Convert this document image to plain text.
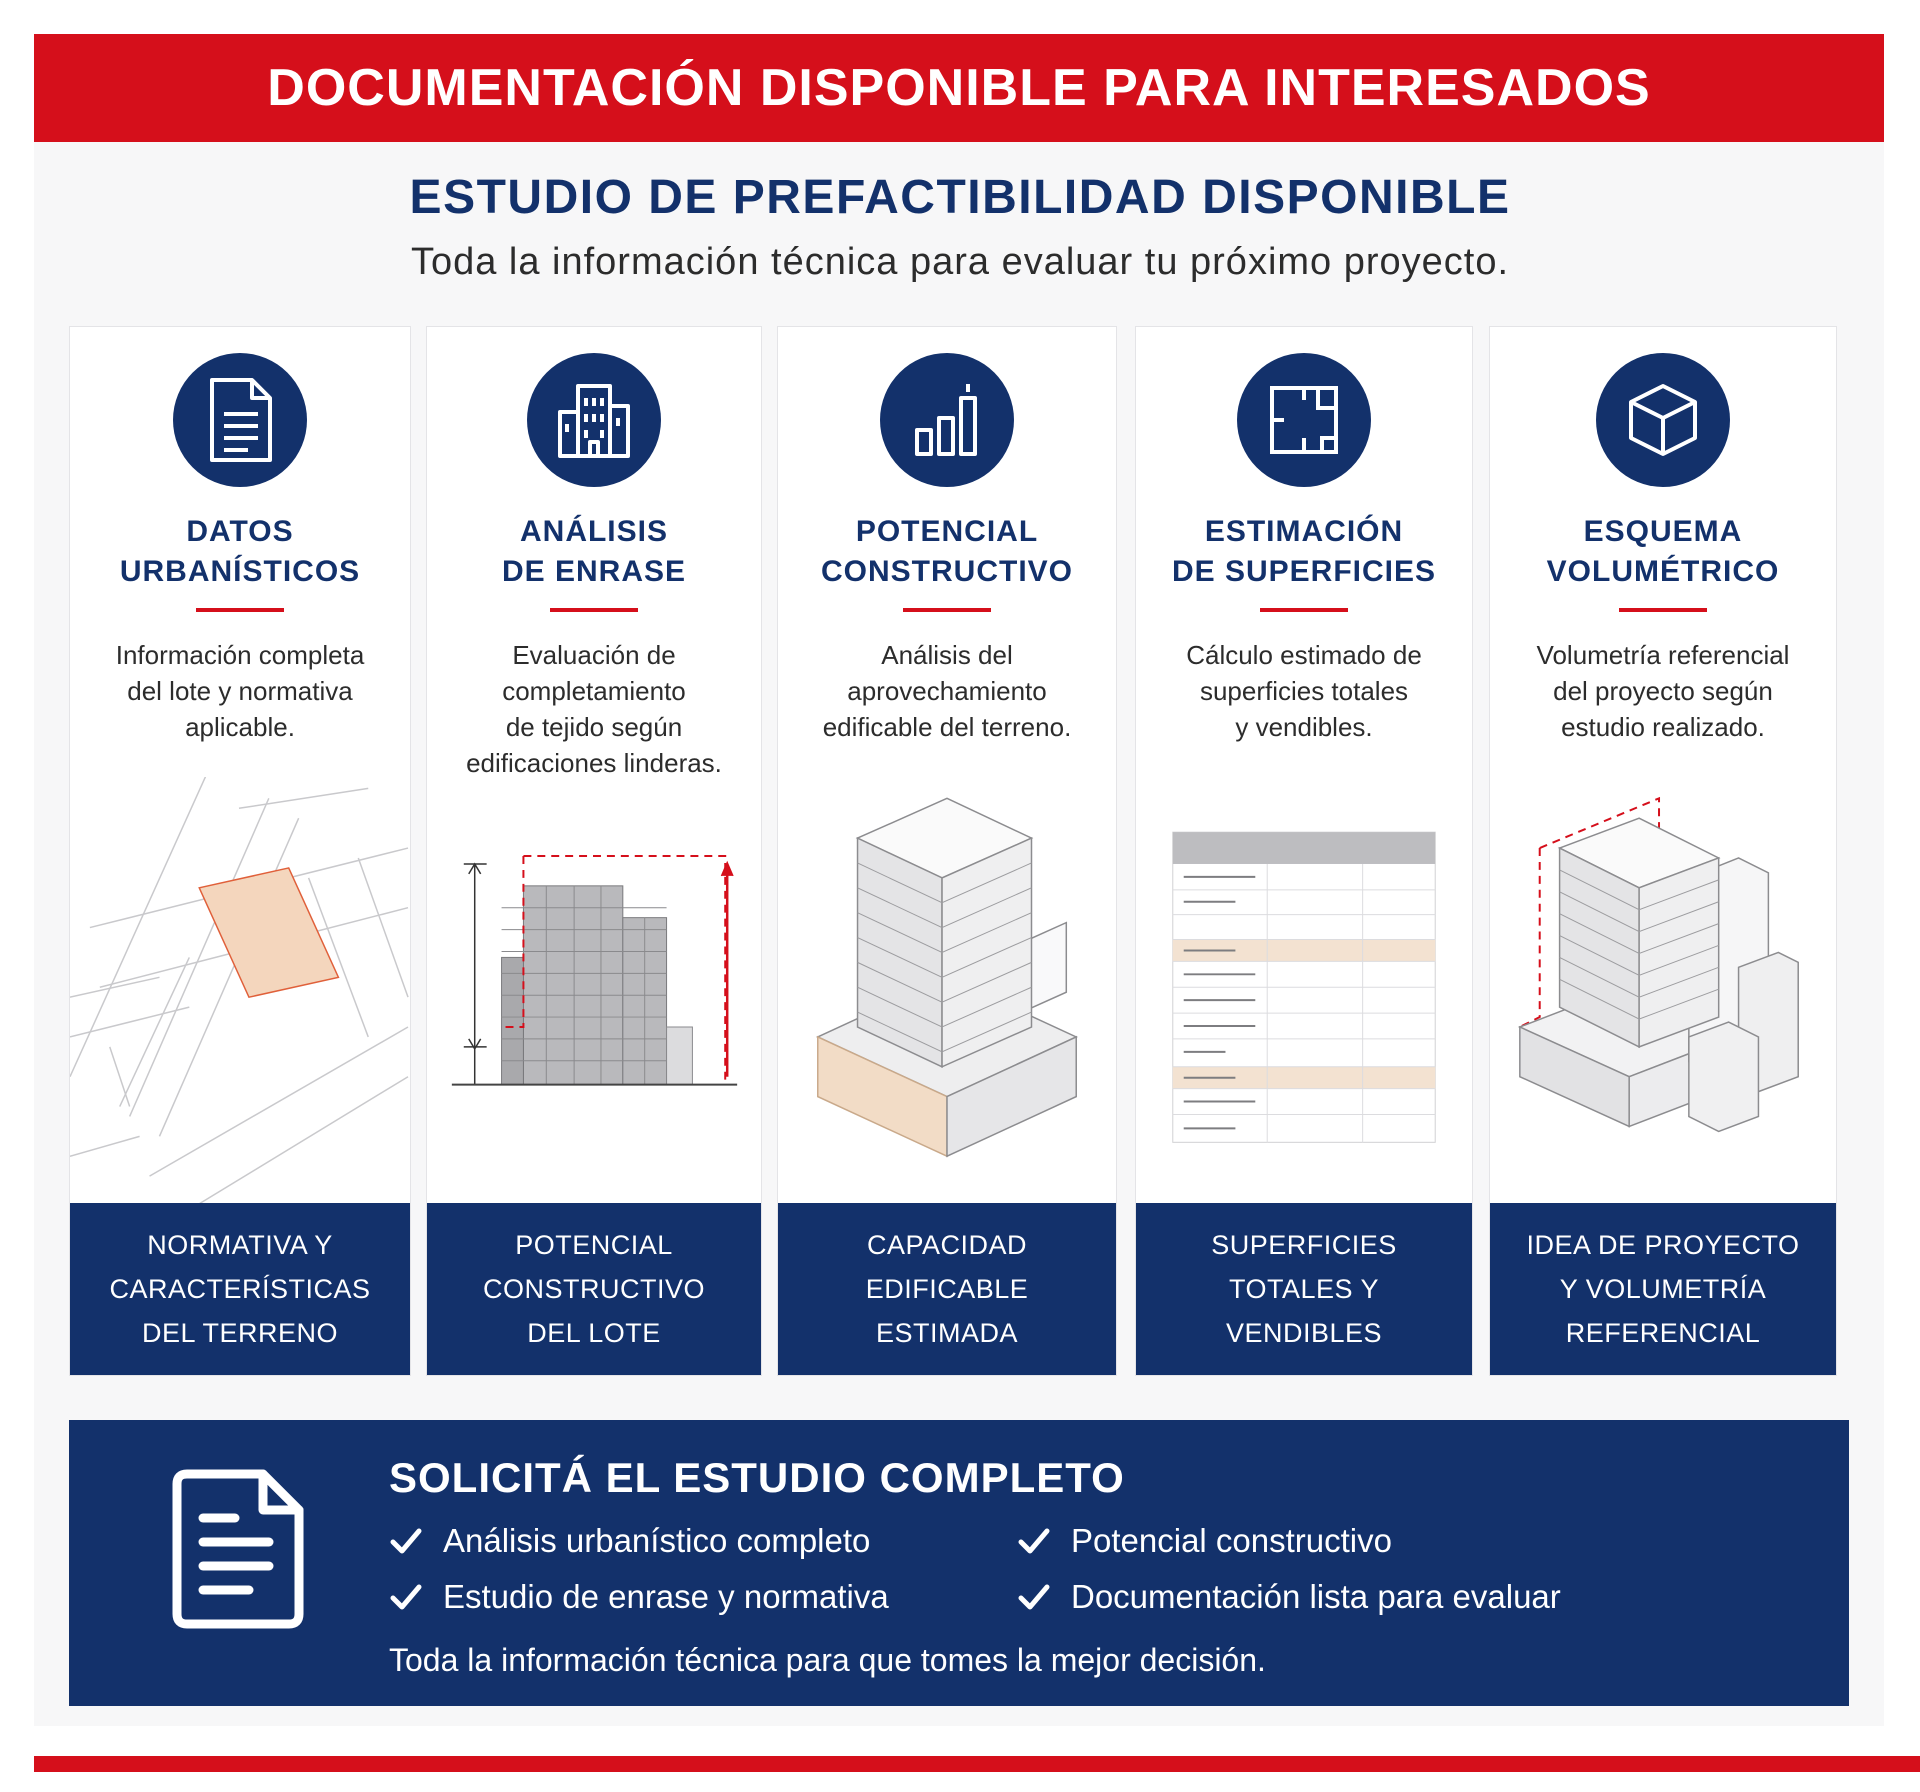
DOCUMENTACIÓN DISPONIBLE PARA INTERESADOS
ESTUDIO DE PREFACTIBILIDAD DISPONIBLE

Toda la información técnica para evaluar tu próximo proyecto.

DATOS
URBANÍSTICOS
Información completa
del lote y normativa
aplicable.
NORMATIVA Y
CARACTERÍSTICAS
DEL TERRENO
ANÁLISIS
DE ENRASE
Evaluación de
completamiento
de tejido según
edificaciones linderas.
POTENCIAL
CONSTRUCTIVO
DEL LOTE
POTENCIAL
CONSTRUCTIVO
Análisis del
aprovechamiento
edificable del terreno.
CAPACIDAD
EDIFICABLE
ESTIMADA
ESTIMACIÓN
DE SUPERFICIES
Cálculo estimado de
superficies totales
y vendibles.
SUPERFICIES
TOTALES Y
VENDIBLES
ESQUEMA
VOLUMÉTRICO
Volumetría referencial
del proyecto según
estudio realizado.
IDEA DE PROYECTO
Y VOLUMETRÍA
REFERENCIAL
SOLICITÁ EL ESTUDIO COMPLETO
Análisis urbanístico completo	Potencial constructivo
Estudio de enrase y normativa	Documentación lista para evaluar

Toda la información técnica para que tomes la mejor decisión.
